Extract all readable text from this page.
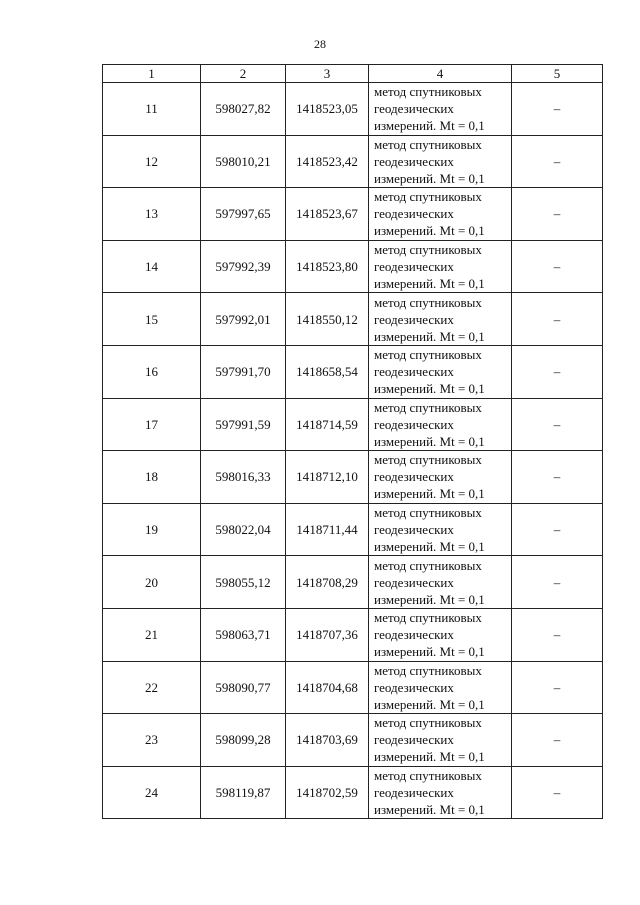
28
1	2	3	4	5
11	598027,82	1418523,05	метод спутниковых
геодезических
измерений. Mt = 0,1	–
12	598010,21	1418523,42	метод спутниковых
геодезических
измерений. Mt = 0,1	–
13	597997,65	1418523,67	метод спутниковых
геодезических
измерений. Mt = 0,1	–
14	597992,39	1418523,80	метод спутниковых
геодезических
измерений. Mt = 0,1	–
15	597992,01	1418550,12	метод спутниковых
геодезических
измерений. Mt = 0,1	–
16	597991,70	1418658,54	метод спутниковых
геодезических
измерений. Mt = 0,1	–
17	597991,59	1418714,59	метод спутниковых
геодезических
измерений. Mt = 0,1	–
18	598016,33	1418712,10	метод спутниковых
геодезических
измерений. Mt = 0,1	–
19	598022,04	1418711,44	метод спутниковых
геодезических
измерений. Mt = 0,1	–
20	598055,12	1418708,29	метод спутниковых
геодезических
измерений. Mt = 0,1	–
21	598063,71	1418707,36	метод спутниковых
геодезических
измерений. Mt = 0,1	–
22	598090,77	1418704,68	метод спутниковых
геодезических
измерений. Mt = 0,1	–
23	598099,28	1418703,69	метод спутниковых
геодезических
измерений. Mt = 0,1	–
24	598119,87	1418702,59	метод спутниковых
геодезических
измерений. Mt = 0,1	–
